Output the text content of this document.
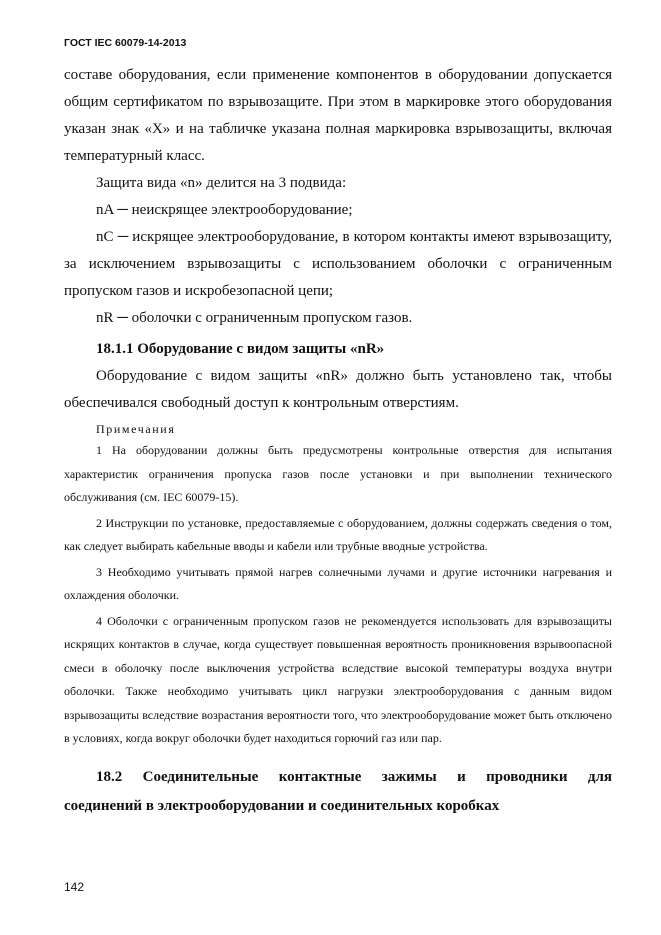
ГОСТ IEC 60079-14-2013

составе оборудования, если применение компонентов в оборудовании допускается общим сертификатом по взрывозащите. При этом в маркировке этого оборудования указан знак «X» и на табличке указана полная маркировка взрывозащиты, включая температурный класс.

Защита вида «n» делится на 3 подвида:

nA ─ неискрящее электрооборудование;

nC ─ искрящее электрооборудование, в котором контакты имеют взрывозащиту, за исключением взрывозащиты с использованием оболочки с ограниченным пропуском газов и искробезопасной цепи;

nR ─ оболочки с ограниченным пропуском газов.

18.1.1 Оборудование с видом защиты «nR»

Оборудование с видом защиты «nR» должно быть установлено так, чтобы обеспечивался свободный доступ к контрольным отверстиям.

Примечания

1 На оборудовании должны быть предусмотрены контрольные отверстия для испытания характеристик ограничения пропуска газов после установки и при выполнении технического обслуживания (см. IEC 60079-15).

2 Инструкции по установке, предоставляемые с оборудованием, должны содержать сведения о том, как следует выбирать кабельные вводы и кабели или трубные вводные устройства.

3 Необходимо учитывать прямой нагрев солнечными лучами и другие источники нагревания и охлаждения оболочки.

4 Оболочки с ограниченным пропуском газов не рекомендуется использовать для взрывозащиты искрящих контактов в случае, когда существует повышенная вероятность проникновения взрывоопасной смеси в оболочку после выключения устройства вследствие высокой температуры воздуха внутри оболочки. Также необходимо учитывать цикл нагрузки электрооборудования с данным видом взрывозащиты вследствие возрастания вероятности того, что электрооборудование может быть отключено в условиях, когда вокруг оболочки будет находиться горючий газ или пар.

18.2 Соединительные контактные зажимы и проводники для
соединений в электрооборудовании и соединительных коробках
142
